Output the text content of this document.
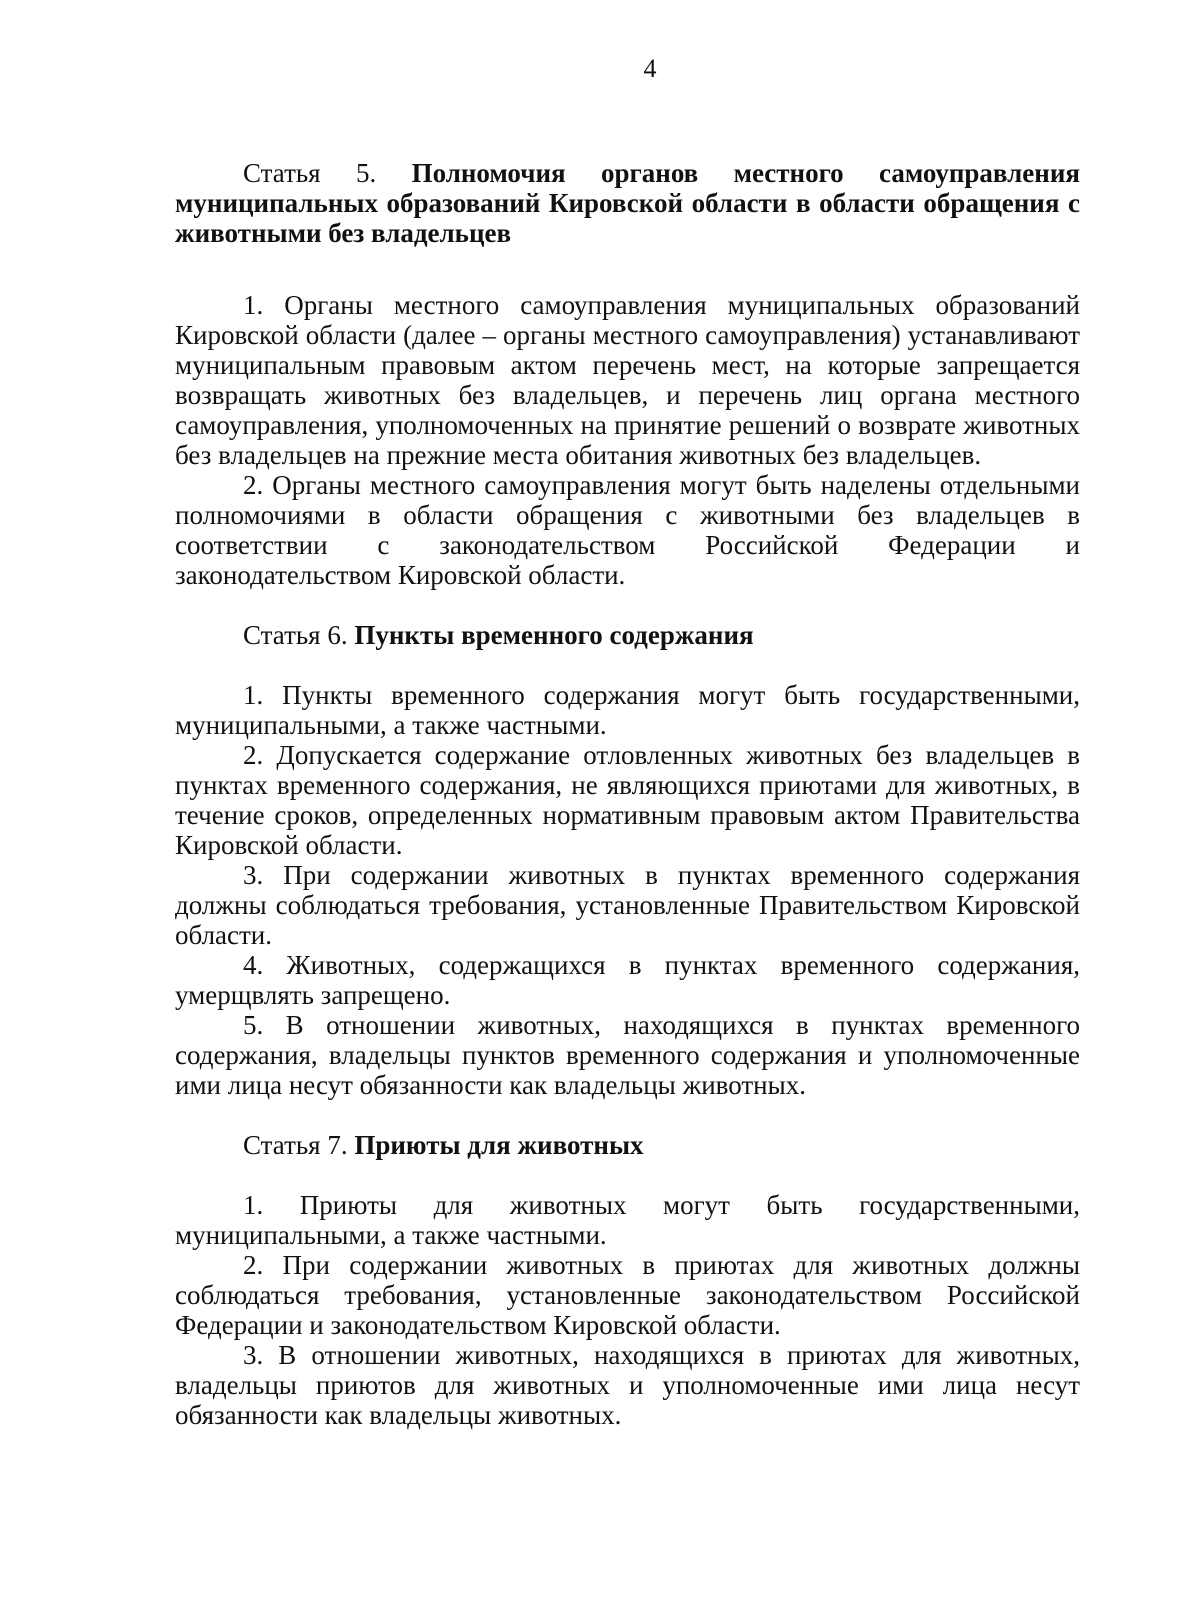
4

Статья 5. Полномочия органов местного самоуправления муниципальных образований Кировской области в области обращения с животными без владельцев

1. Органы местного самоуправления муниципальных образований Кировской области (далее – органы местного самоуправления) устанавливают муниципальным правовым актом перечень мест, на которые запрещается возвращать животных без владельцев, и перечень лиц органа местного самоуправления, уполномоченных на принятие решений о возврате животных без владельцев на прежние места обитания животных без владельцев.

2. Органы местного самоуправления могут быть наделены отдельными полномочиями в области обращения с животными без владельцев в соответствии с законодательством Российской Федерации и законодательством Кировской области.

Статья 6. Пункты временного содержания

1. Пункты временного содержания могут быть государственными, муниципальными, а также частными.

2. Допускается содержание отловленных животных без владельцев в пунктах временного содержания, не являющихся приютами для животных, в течение сроков, определенных нормативным правовым актом Правительства Кировской области.

3. При содержании животных в пунктах временного содержания должны соблюдаться требования, установленные Правительством Кировской области.

4. Животных, содержащихся в пунктах временного содержания, умерщвлять запрещено.

5. В отношении животных, находящихся в пунктах временного содержания, владельцы пунктов временного содержания и уполномоченные ими лица несут обязанности как владельцы животных.

Статья 7. Приюты для животных

1. Приюты для животных могут быть государственными, муниципальными, а также частными.

2. При содержании животных в приютах для животных должны соблюдаться требования, установленные законодательством Российской Федерации и законодательством Кировской области.

3. В отношении животных, находящихся в приютах для животных, владельцы приютов для животных и уполномоченные ими лица несут обязанности как владельцы животных.
